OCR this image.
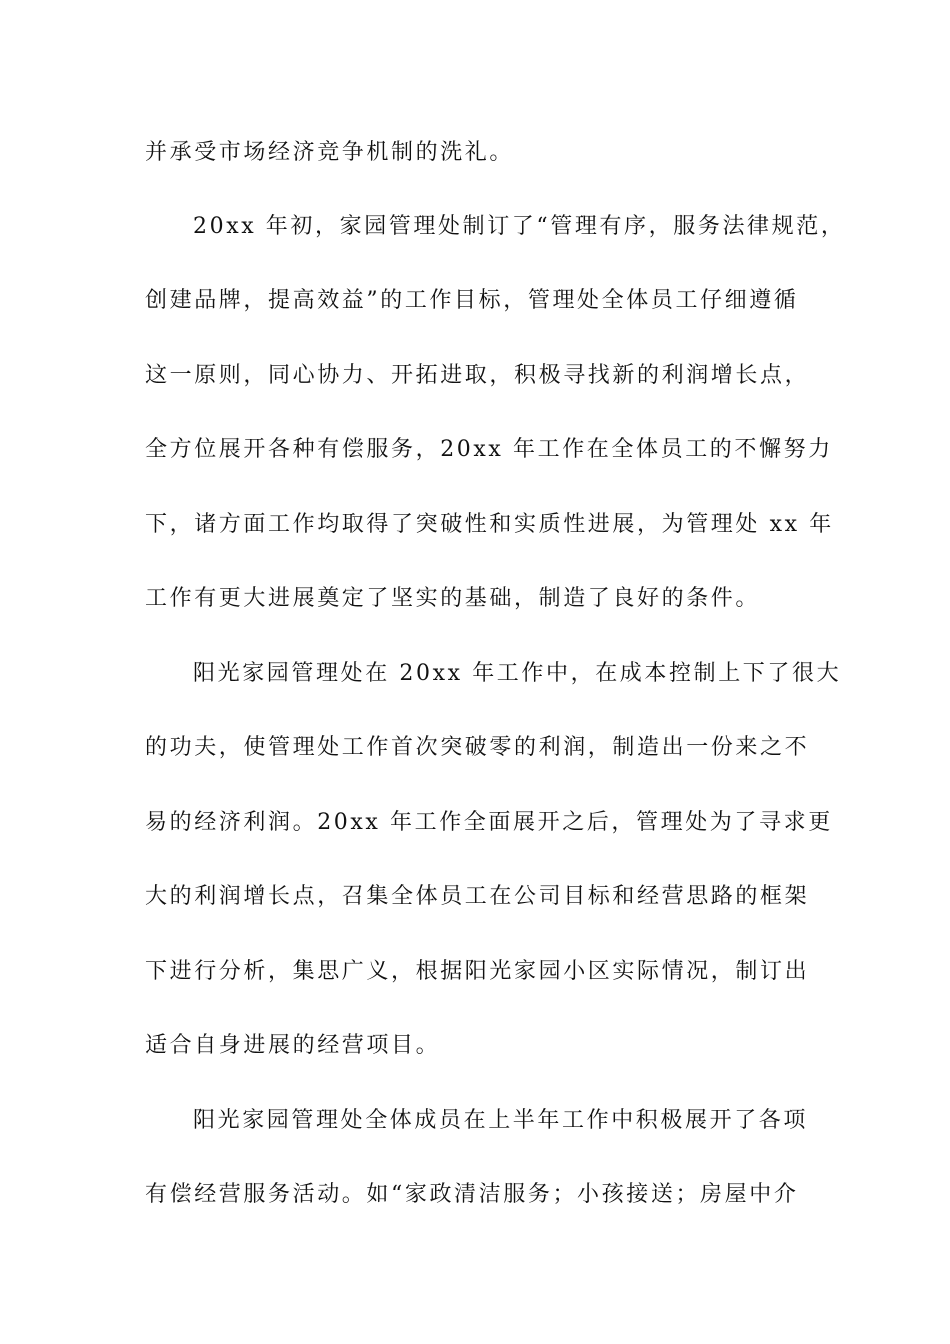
并承受市场经济竞争机制的洗礼。
20xx 年初，家园管理处制订了“管理有序，服务法律规范，
创建品牌，提高效益”的工作目标，管理处全体员工仔细遵循
这一原则，同心协力、开拓进取，积极寻找新的利润增长点，
全方位展开各种有偿服务，20xx 年工作在全体员工的不懈努力
下，诸方面工作均取得了突破性和实质性进展，为管理处 xx 年
工作有更大进展奠定了坚实的基础，制造了良好的条件。
阳光家园管理处在 20xx 年工作中，在成本控制上下了很大
的功夫，使管理处工作首次突破零的利润，制造出一份来之不
易的经济利润。20xx 年工作全面展开之后，管理处为了寻求更
大的利润增长点，召集全体员工在公司目标和经营思路的框架
下进行分析，集思广义，根据阳光家园小区实际情况，制订出
适合自身进展的经营项目。
阳光家园管理处全体成员在上半年工作中积极展开了各项
有偿经营服务活动。如“家政清洁服务；小孩接送；房屋中介
